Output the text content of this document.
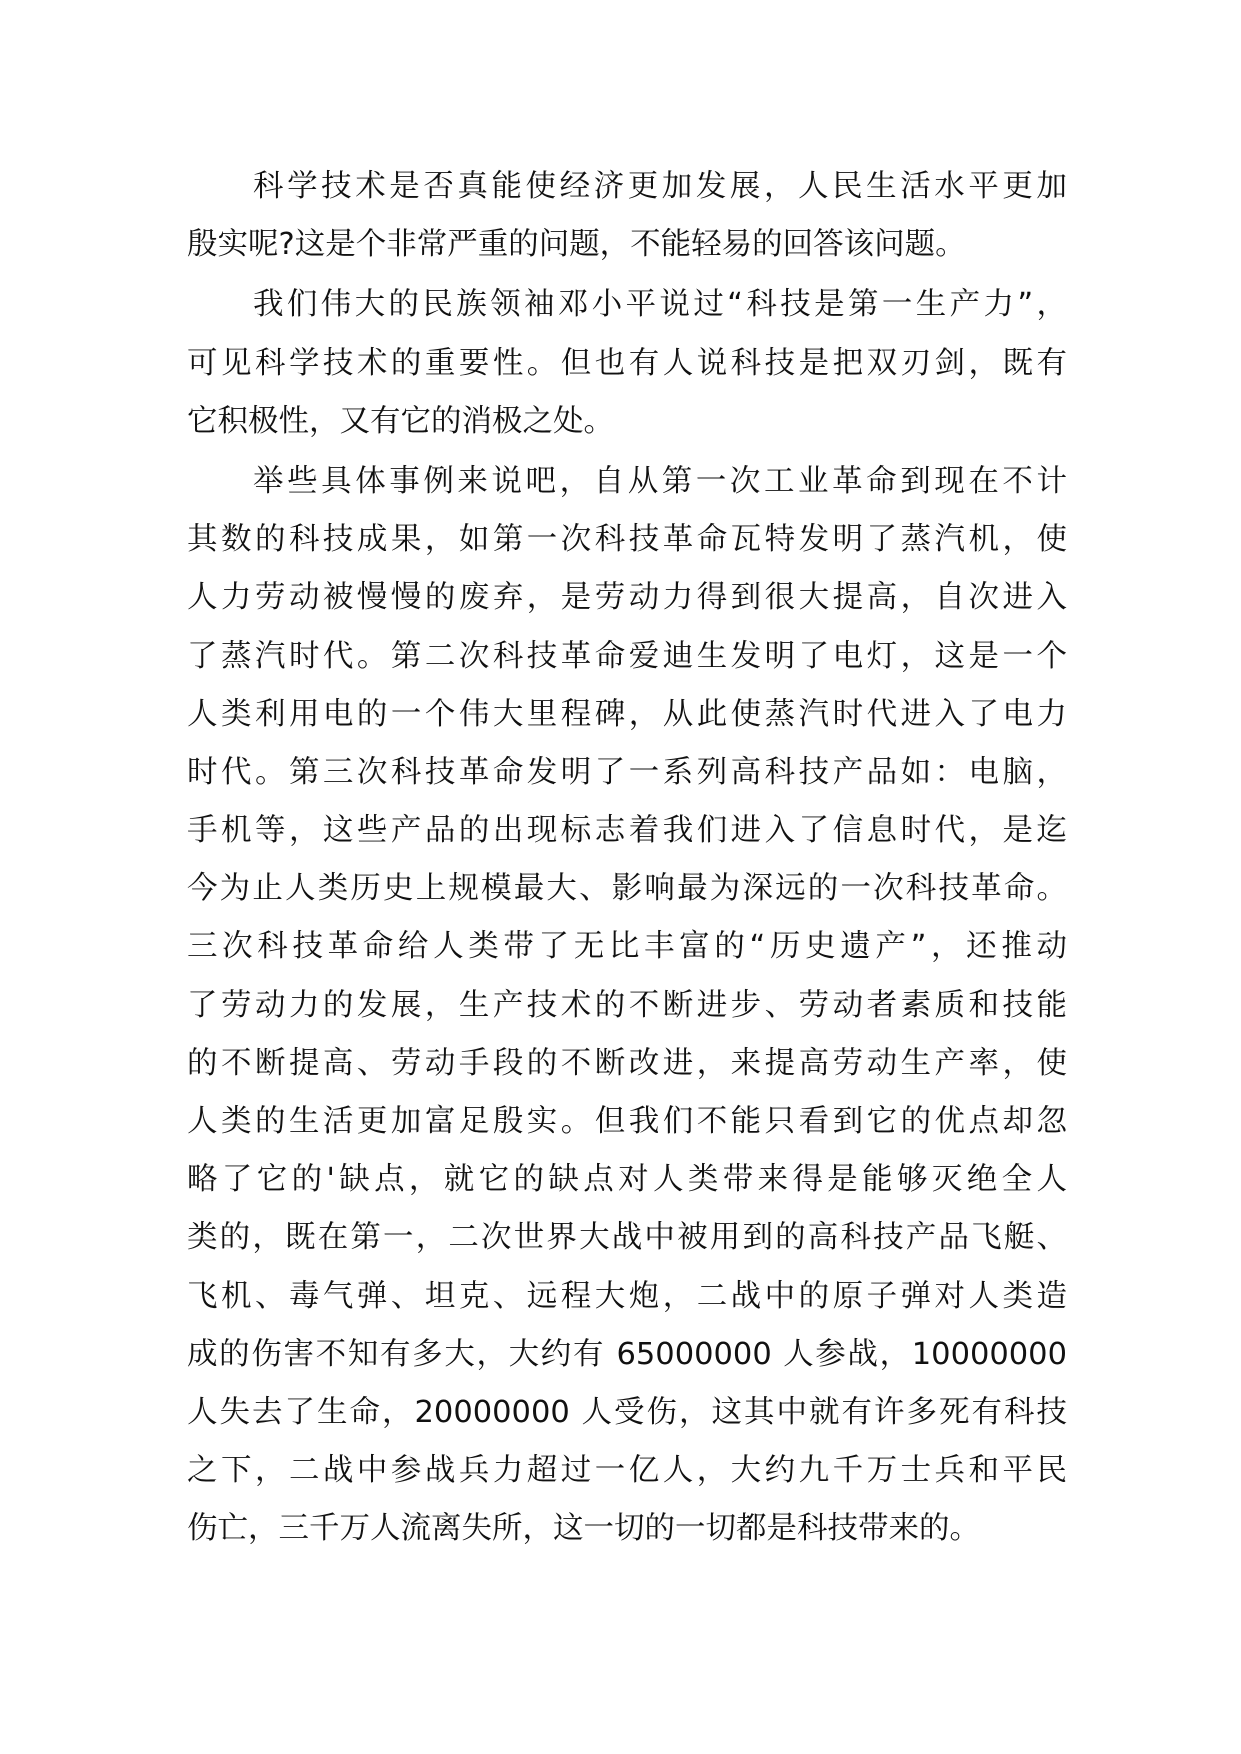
科学技术是否真能使经济更加发展，人民生活水平更加
殷实呢?这是个非常严重的问题，不能轻易的回答该问题。
我们伟大的民族领袖邓小平说过“科技是第一生产力”，
可见科学技术的重要性。但也有人说科技是把双刃剑，既有
它积极性，又有它的消极之处。
举些具体事例来说吧，自从第一次工业革命到现在不计
其数的科技成果，如第一次科技革命瓦特发明了蒸汽机，使
人力劳动被慢慢的废弃，是劳动力得到很大提高，自次进入
了蒸汽时代。第二次科技革命爱迪生发明了电灯，这是一个
人类利用电的一个伟大里程碑，从此使蒸汽时代进入了电力
时代。第三次科技革命发明了一系列高科技产品如：电脑，
手机等，这些产品的出现标志着我们进入了信息时代，是迄
今为止人类历史上规模最大、影响最为深远的一次科技革命。
三次科技革命给人类带了无比丰富的“历史遗产”，还推动
了劳动力的发展，生产技术的不断进步、劳动者素质和技能
的不断提高、劳动手段的不断改进，来提高劳动生产率，使
人类的生活更加富足殷实。但我们不能只看到它的优点却忽
略了它的'缺点，就它的缺点对人类带来得是能够灭绝全人
类的，既在第一，二次世界大战中被用到的高科技产品飞艇、
飞机、毒气弹、坦克、远程大炮，二战中的原子弹对人类造
成的伤害不知有多大，大约有 65000000 人参战，10000000
人失去了生命，20000000 人受伤，这其中就有许多死有科技
之下，二战中参战兵力超过一亿人，大约九千万士兵和平民
伤亡，三千万人流离失所，这一切的一切都是科技带来的。
